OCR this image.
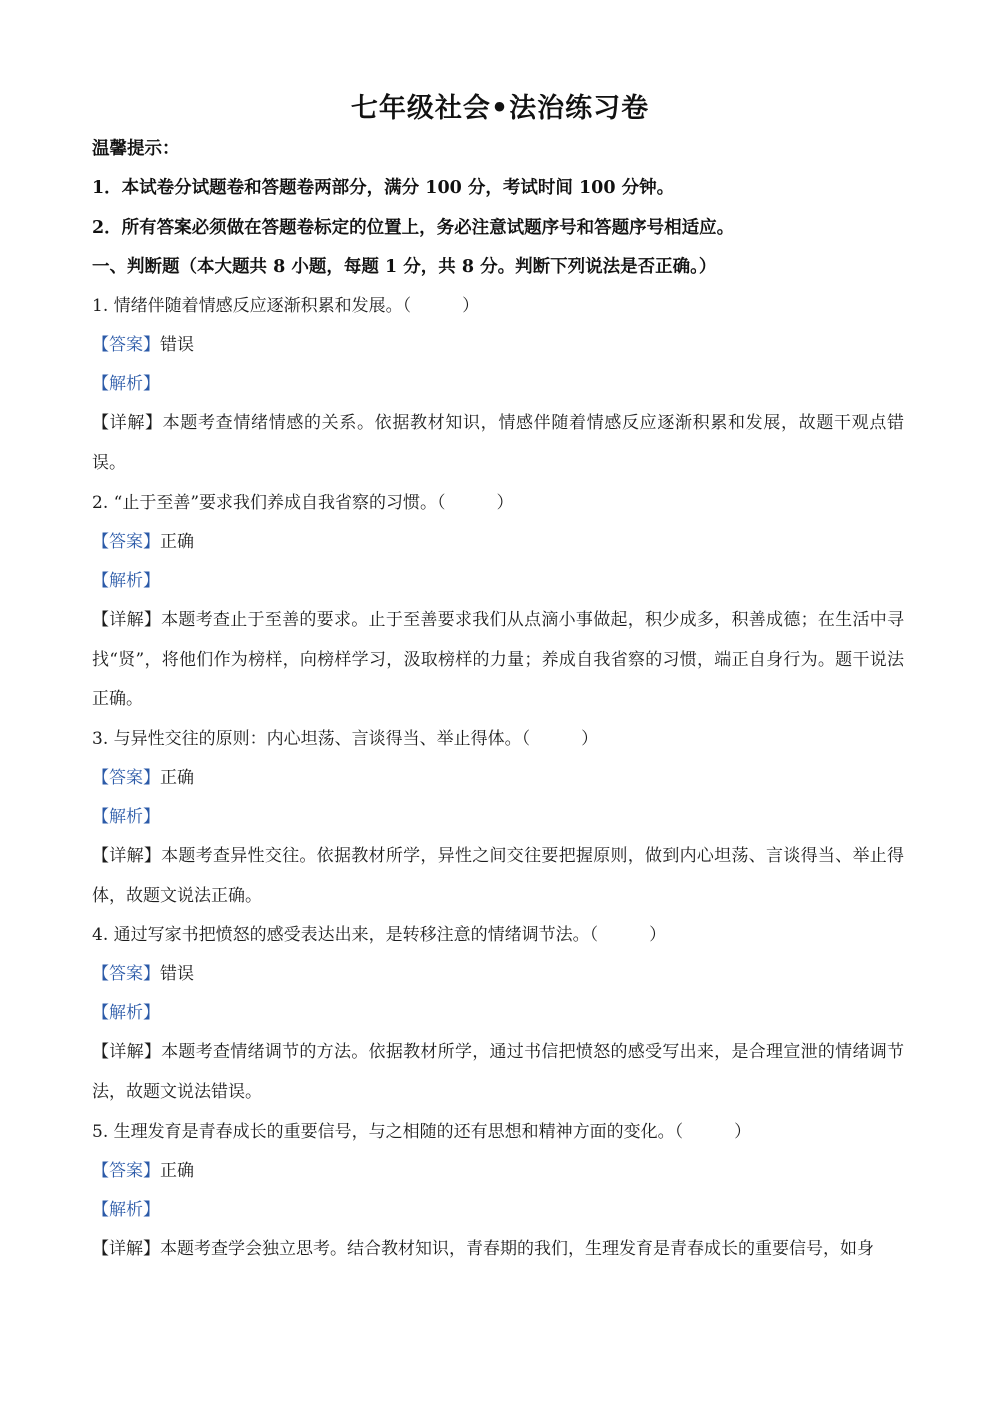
七年级社会•法治练习卷
温馨提示：
1．本试卷分试题卷和答题卷两部分，满分 100 分，考试时间 100 分钟。
2．所有答案必须做在答题卷标定的位置上，务必注意试题序号和答题序号相适应。
一、判断题（本大题共 8 小题，每题 1 分，共 8 分。判断下列说法是否正确。）
1. 情绪伴随着情感反应逐渐积累和发展。（　　　）
【答案】错误
【解析】
【详解】本题考查情绪情感的关系。依据教材知识，情感伴随着情感反应逐渐积累和发展，故题干观点错误。
2. “止于至善”要求我们养成自我省察的习惯。（　　　）
【答案】正确
【解析】
【详解】本题考查止于至善的要求。止于至善要求我们从点滴小事做起，积少成多，积善成德；在生活中寻找“贤”，将他们作为榜样，向榜样学习，汲取榜样的力量；养成自我省察的习惯，端正自身行为。题干说法正确。
3. 与异性交往的原则：内心坦荡、言谈得当、举止得体。（　　　）
【答案】正确
【解析】
【详解】本题考查异性交往。依据教材所学，异性之间交往要把握原则，做到内心坦荡、言谈得当、举止得体，故题文说法正确。
4. 通过写家书把愤怒的感受表达出来，是转移注意的情绪调节法。（　　　）
【答案】错误
【解析】
【详解】本题考查情绪调节的方法。依据教材所学，通过书信把愤怒的感受写出来，是合理宣泄的情绪调节法，故题文说法错误。
5. 生理发育是青春成长的重要信号，与之相随的还有思想和精神方面的变化。（　　　）
【答案】正确
【解析】
【详解】本题考查学会独立思考。结合教材知识，青春期的我们，生理发育是青春成长的重要信号，如身
